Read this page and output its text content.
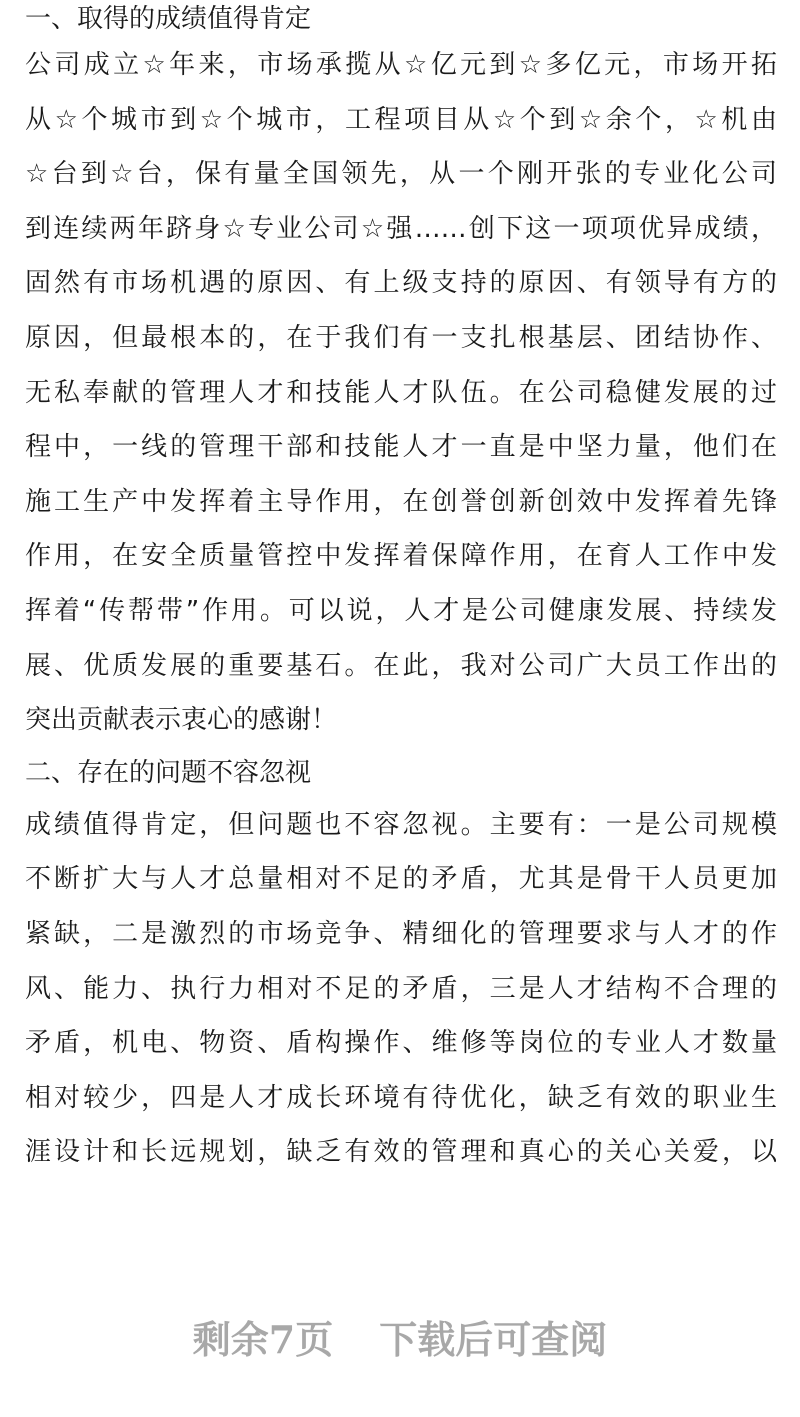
一、取得的成绩值得肯定
公司成立☆年来，市场承揽从☆亿元到☆多亿元，市场开拓
从☆个城市到☆个城市，工程项目从☆个到☆余个，☆机由
☆台到☆台，保有量全国领先，从一个刚开张的专业化公司
到连续两年跻身☆专业公司☆强……创下这一项项优异成绩，
固然有市场机遇的原因、有上级支持的原因、有领导有方的
原因，但最根本的，在于我们有一支扎根基层、团结协作、
无私奉献的管理人才和技能人才队伍。在公司稳健发展的过
程中，一线的管理干部和技能人才一直是中坚力量，他们在
施工生产中发挥着主导作用，在创誉创新创效中发挥着先锋
作用，在安全质量管控中发挥着保障作用，在育人工作中发
挥着“传帮带”作用。可以说，人才是公司健康发展、持续发
展、优质发展的重要基石。在此，我对公司广大员工作出的
突出贡献表示衷心的感谢！
二、存在的问题不容忽视
成绩值得肯定，但问题也不容忽视。主要有：一是公司规模
不断扩大与人才总量相对不足的矛盾，尤其是骨干人员更加
紧缺，二是激烈的市场竞争、精细化的管理要求与人才的作
风、能力、执行力相对不足的矛盾，三是人才结构不合理的
矛盾，机电、物资、盾构操作、维修等岗位的专业人才数量
相对较少，四是人才成长环境有待优化，缺乏有效的职业生
涯设计和长远规划，缺乏有效的管理和真心的关心关爱，以
剩余7页 下载后可查阅
